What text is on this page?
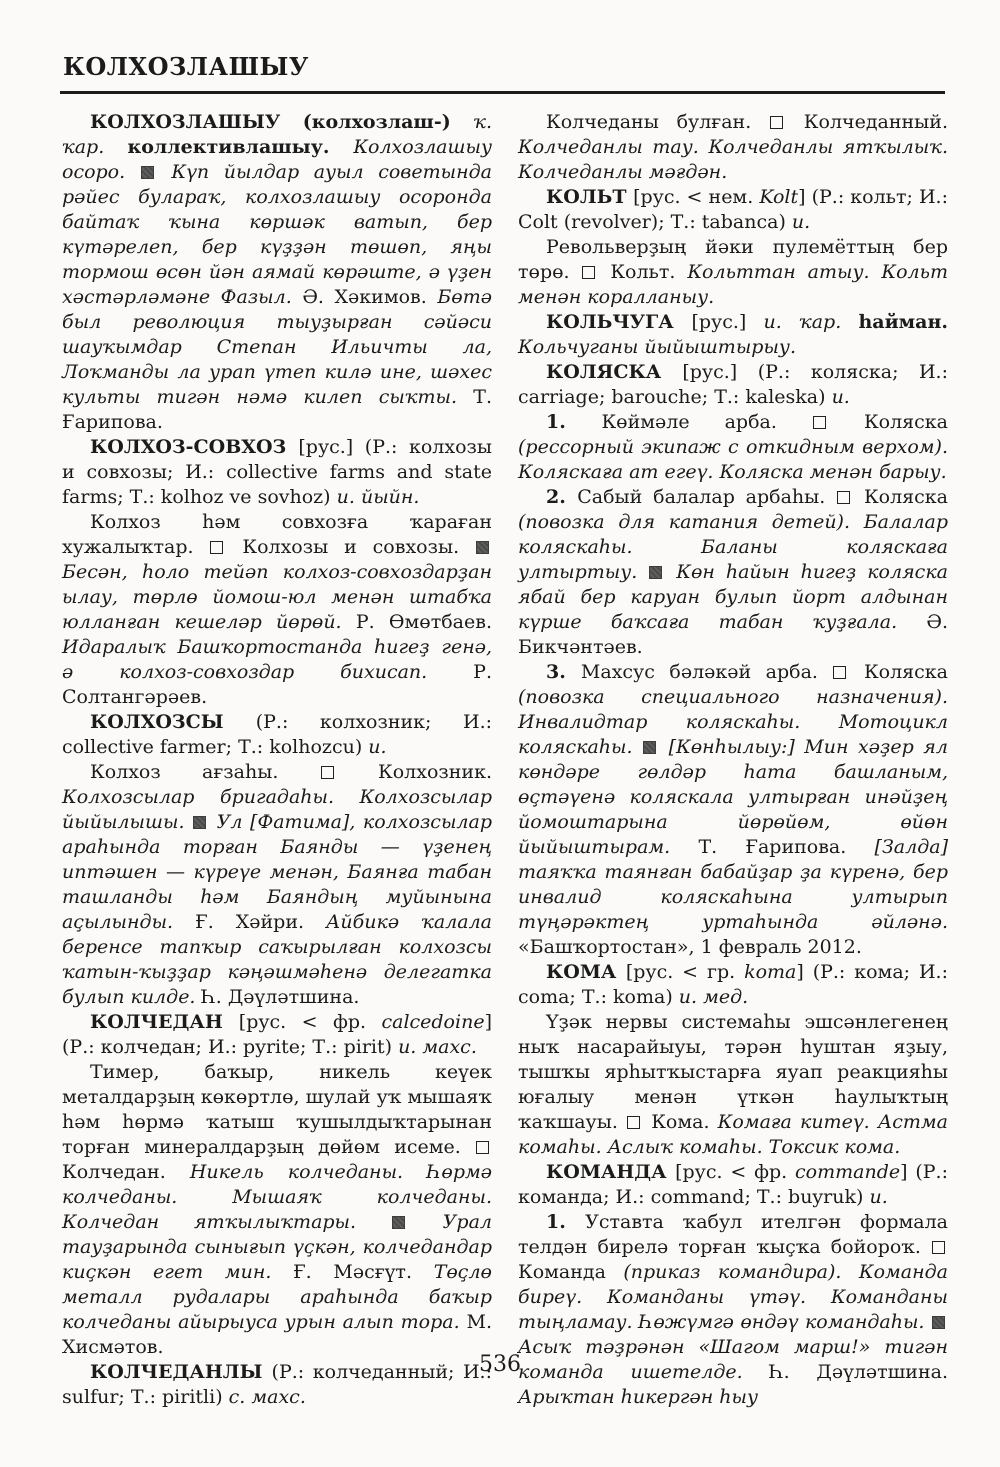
КОЛХОЗЛАШЫУ

КОЛХОЗЛАШЫУ (колхозлаш-) ҡ. ҡар. коллективлашыу. Колхозлашыу осоро.  Күп йылдар ауыл советында рәйес булараҡ, колхозлашыу осоронда байтаҡ ҡына көршәк ватып, бер күтәрелеп, бер күҙҙән төшөп, яңы тормош өсөн йән аямай көрәште, ә үҙен хәстәрләмәне Фазыл. Ә. Хәкимов. Бөтә был революция тыуҙырған сәйәси шауҡымдар Степан Ильичты ла, Лоҡманды ла урап үтеп килә ине, шәхес культы тигән нәмә килеп сыҡты. Т. Ғарипова.

КОЛХОЗ-СОВХОЗ [рус.] (Р.: колхозы и совхозы; И.: collective farms and state farms; Т.: kolhoz ve sovhoz) и. йыйн.

Колхоз һәм совхозға ҡараған хужалыҡтар.  Колхозы и совхозы.  Бесән, һоло тейәп колхоз-совхоздарҙан ылау, төрлө йомош-юл менән штабҡа юлланған кешеләр йөрөй. Р. Өмөтбаев. Идаралыҡ Башҡортостанда һигеҙ генә, ә колхоз-совхоздар бихисап. Р. Солтангәрәев.

КОЛХОЗСЫ (Р.: колхозник; И.: collective farmer; Т.: kolhozcu) и.

Колхоз ағзаһы.	Колхозник. Колхозсылар бригадаһы. Колхозсылар йыйылышы.  Ул [Фатима], колхозсылар араһында торған Баянды — үҙенең иптәшен — күреүе менән, Баянға табан ташланды һәм Баяндың муйынына аҫылынды. Ғ. Хәйри. Айбикә ҡалала беренсе тапҡыр саҡырылған колхозсы ҡатын-ҡыҙҙар кәңәшмәһенә делегатка булып килде. Һ. Дәүләтшина.

КОЛЧЕДАН [рус. < фр. calcedoine] (Р.: колчедан; И.: pyrite; Т.: pirit) и. махс.

Тимер, баҡыр, никель кеүек металдарҙың көкөртлө, шулай уҡ мышаяҡ һәм һөрмә ҡатыш ҡушылдыҡтарынан торған минералдарҙың дөйөм исеме.  Колчедан. Никель колчеданы. Һөрмә колчеданы. Мышаяҡ колчеданы. Колчедан ятҡылыҡтары.	Урал тауҙарында сынығып үҫкән, колчедандар киҫкән егет мин. Ғ. Мәсғүт. Төҫлө металл рудалары араһында баҡыр колчеданы айырыуса урын алып тора. М. Хисмәтов.

КОЛЧЕДАНЛЫ (Р.: колчеданный; И.: sulfur; Т.: piritli) с. махс.

Колчеданы булған.  Колчеданный. Колчеданлы тау. Колчеданлы ятҡылыҡ. Колчеданлы мәғдән.

КОЛЬТ [рус. < нем. Kolt] (Р.: кольт; И.: Colt (revolver); Т.: tabanca) и.

Револьверҙың йәки пулемёттың бер төрө.  Кольт. Кольттан атыу. Кольт менән коралланыу.

КОЛЬЧУГА [рус.] и. ҡар. һайман. Кольчуганы йыйыштырыу.

КОЛЯСКА [рус.] (Р.: коляска; И.: carriage; barouche; Т.: kaleska) и.

1. Көймәле арба.	Коляска (рессорный экипаж с откидным верхом). Коляскаға ат егеү. Коляска менән барыу.

2. Сабый балалар арбаһы.  Коляска (повозка для катания детей). Балалар коляскаһы. Баланы коляскаға ултыртыу.  Көн һайын һигеҙ коляска ябай бер каруан булып йорт алдынан күрше баҡсаға табан ҡуҙғала. Ә. Бикчәнтәев.

3. Махсус бәләкәй арба.  Коляска (повозка специального назначения). Инвалидтар коляскаһы. Мотоцикл коляскаһы.  [Көнһылыу:] Мин хәҙер ял көндәре гөлдәр һата башланым, өҫтәүенә коляскала ултырған инәйҙең йомоштарына йөрөйөм, өйөн йыйыштырам. Т. Ғарипова. [Залда] таяҡҡа таянған бабайҙар ҙа күренә, бер инвалид коляскаһына ултырып түңәрәктең уртаһында әйләнә. «Башҡортостан», 1 февраль 2012.

КОМА [рус. < гр. koma] (Р.: кома; И.: coma; Т.: koma) и. мед.

Үҙәк нервы системаһы эшсәнлегенең ныҡ насарайыуы, тәрән һуштан яҙыу, тышҡы ярһытҡыстарға яуап реакцияһы юғалыу менән үткән һаулыҡтың ҡаҡшауы.  Кома. Комаға китеү. Астма комаһы. Аслыҡ комаһы. Токсик кома.

КОМАНДА [рус. < фр. commande] (Р.: команда; И.: command; Т.: buyruk) и.

1. Уставта ҡабул ителгән формала телдән бирелә торған ҡыҫҡа бойороҡ.  Команда (приказ командира). Команда биреү. Команданы үтәү. Команданы тыңламау. Һөжүмгә өндәү командаһы.  Асыҡ тәҙрәнән «Шагом марш!» тигән команда ишетелде. Һ. Дәүләтшина. Арыҡтан һикергән һыу

536
